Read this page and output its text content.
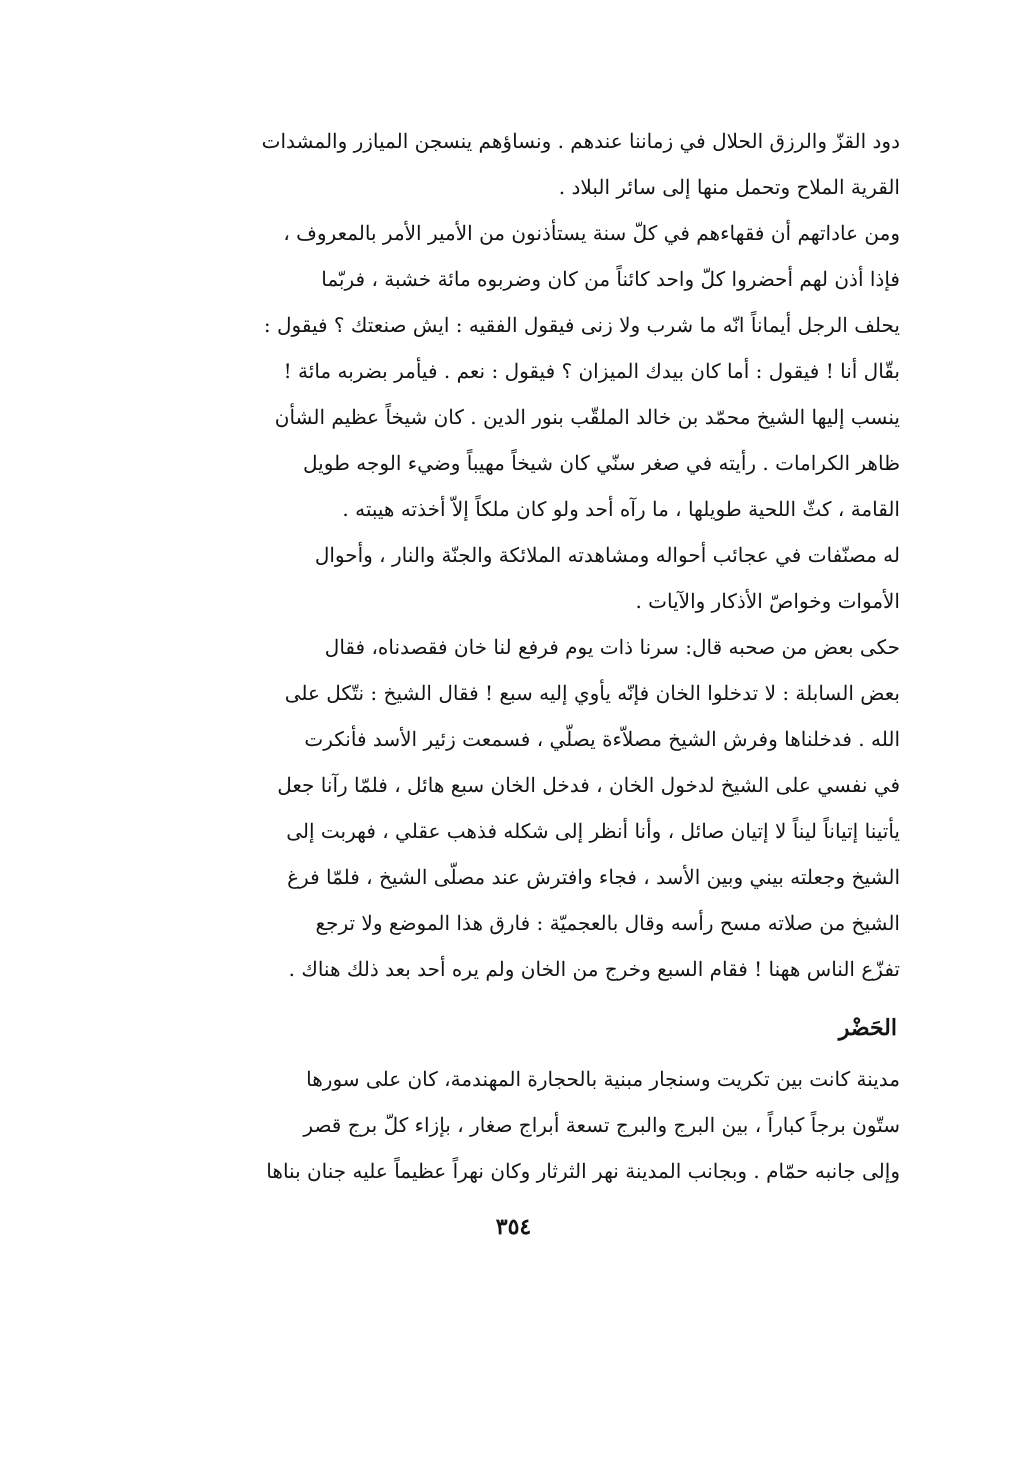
دود القزّ والرزق الحلال في زماننا عندهم . ونساؤهم ينسجن الميازر والمشدات
القرية الملاح وتحمل منها إلى سائر البلاد .
ومن عاداتهم أن فقهاءهم في كلّ سنة يستأذنون من الأمير الأمر بالمعروف ،
فإذا أذن لهم أحضروا كلّ واحد كائناً من كان وضربوه مائة خشبة ، فربّما
يحلف الرجل أيماناً انّه ما شرب ولا زنى فيقول الفقيه : ايش صنعتك ؟ فيقول :
بقّال أنا ! فيقول : أما كان بيدك الميزان ؟ فيقول : نعم . فيأمر بضربه مائة !
ينسب إليها الشيخ محمّد بن خالد الملقّب بنور الدين . كان شيخاً عظيم الشأن
ظاهر الكرامات . رأيته في صغر سنّي كان شيخاً مهيباً وضيء الوجه طويل
القامة ، كثّ اللحية طويلها ، ما رآه أحد ولو كان ملكاً إلاّ أخذته هيبته .
له مصنّفات في عجائب أحواله ومشاهدته الملائكة والجنّة والنار ، وأحوال
الأموات وخواصّ الأذكار والآيات .
حكى بعض من صحبه قال: سرنا ذات يوم فرفع لنا خان فقصدناه، فقال
بعض السابلة : لا تدخلوا الخان فإنّه يأوي إليه سبع ! فقال الشيخ : نتّكل على
الله . فدخلناها وفرش الشيخ مصلاّءة يصلّي ، فسمعت زئير الأسد فأنكرت
في نفسي على الشيخ لدخول الخان ، فدخل الخان سبع هائل ، فلمّا رآنا جعل
يأتينا إتياناً ليناً لا إتيان صائل ، وأنا أنظر إلى شكله فذهب عقلي ، فهربت إلى
الشيخ وجعلته بيني وبين الأسد ، فجاء وافترش عند مصلّى الشيخ ، فلمّا فرغ
الشيخ من صلاته مسح رأسه وقال بالعجميّة : فارق هذا الموضع ولا ترجع
تفزّع الناس ههنا ! فقام السبع وخرج من الخان ولم يره أحد بعد ذلك هناك .
الحَضْر
مدينة كانت بين تكريت وسنجار مبنية بالحجارة المهندمة، كان على سورها
ستّون برجاً كباراً ، بين البرج والبرج تسعة أبراج صغار ، بإزاء كلّ برج قصر
وإلى جانبه حمّام . وبجانب المدينة نهر الثرثار وكان نهراً عظيماً عليه جنان بناها
٣٥٤
